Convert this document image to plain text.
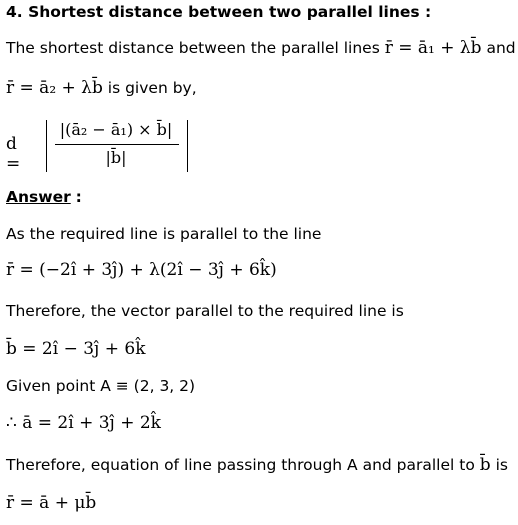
4. Shortest distance between two parallel lines :
The shortest distance between the parallel lines r̄ = ā₁ + λb̄ and
r̄ = ā₂ + λb̄ is given by,
d =
|(ā₂ − ā₁) × b̄|
|b̄|
Answer :
As the required line is parallel to the line
r̄ = (−2î + 3ĵ) + λ(2î − 3ĵ + 6k̂)
Therefore, the vector parallel to the required line is
b̄ = 2î − 3ĵ + 6k̂
Given point A ≡ (2, 3, 2)
∴ ā = 2î + 3ĵ + 2k̂
Therefore, equation of line passing through A and parallel to b̄ is
r̄ = ā + μb̄
